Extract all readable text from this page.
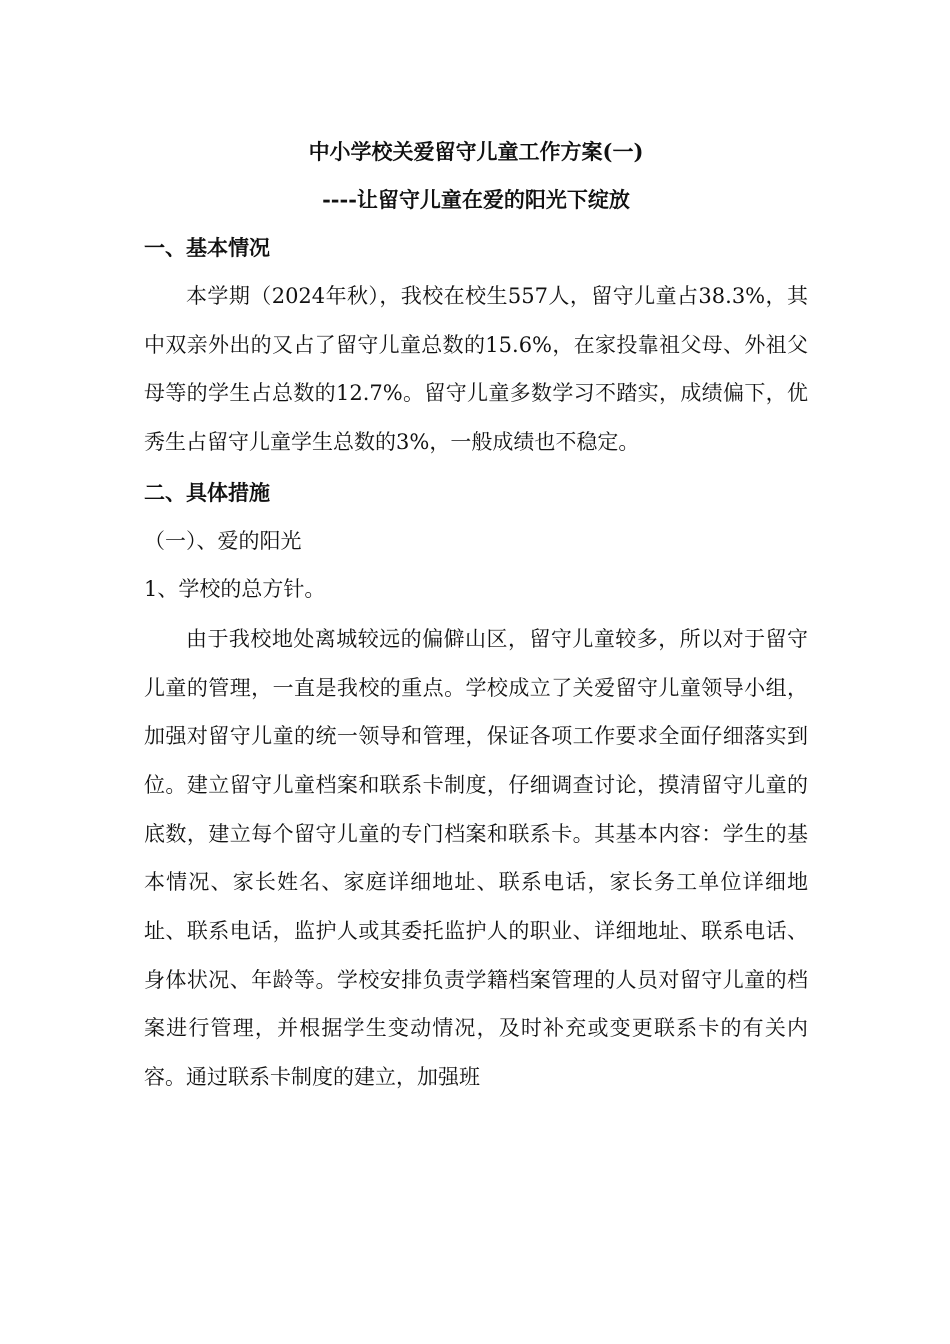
中小学校关爱留守儿童工作方案(一)

----让留守儿童在爱的阳光下绽放

一、基本情况

本学期（2024年秋），我校在校生557人，留守儿童占38.3%，其中双亲外出的又占了留守儿童总数的15.6%，在家投靠祖父母、外祖父母等的学生占总数的12.7%。留守儿童多数学习不踏实，成绩偏下，优秀生占留守儿童学生总数的3%，一般成绩也不稳定。

二、具体措施

（一）、爱的阳光

1、学校的总方针。

由于我校地处离城较远的偏僻山区，留守儿童较多，所以对于留守儿童的管理，一直是我校的重点。学校成立了关爱留守儿童领导小组，加强对留守儿童的统一领导和管理，保证各项工作要求全面仔细落实到位。建立留守儿童档案和联系卡制度，仔细调查讨论，摸清留守儿童的底数，建立每个留守儿童的专门档案和联系卡。其基本内容：学生的基本情况、家长姓名、家庭详细地址、联系电话，家长务工单位详细地址、联系电话，监护人或其委托监护人的职业、详细地址、联系电话、身体状况、年龄等。学校安排负责学籍档案管理的人员对留守儿童的档案进行管理，并根据学生变动情况，及时补充或变更联系卡的有关内容。通过联系卡制度的建立，加强班
